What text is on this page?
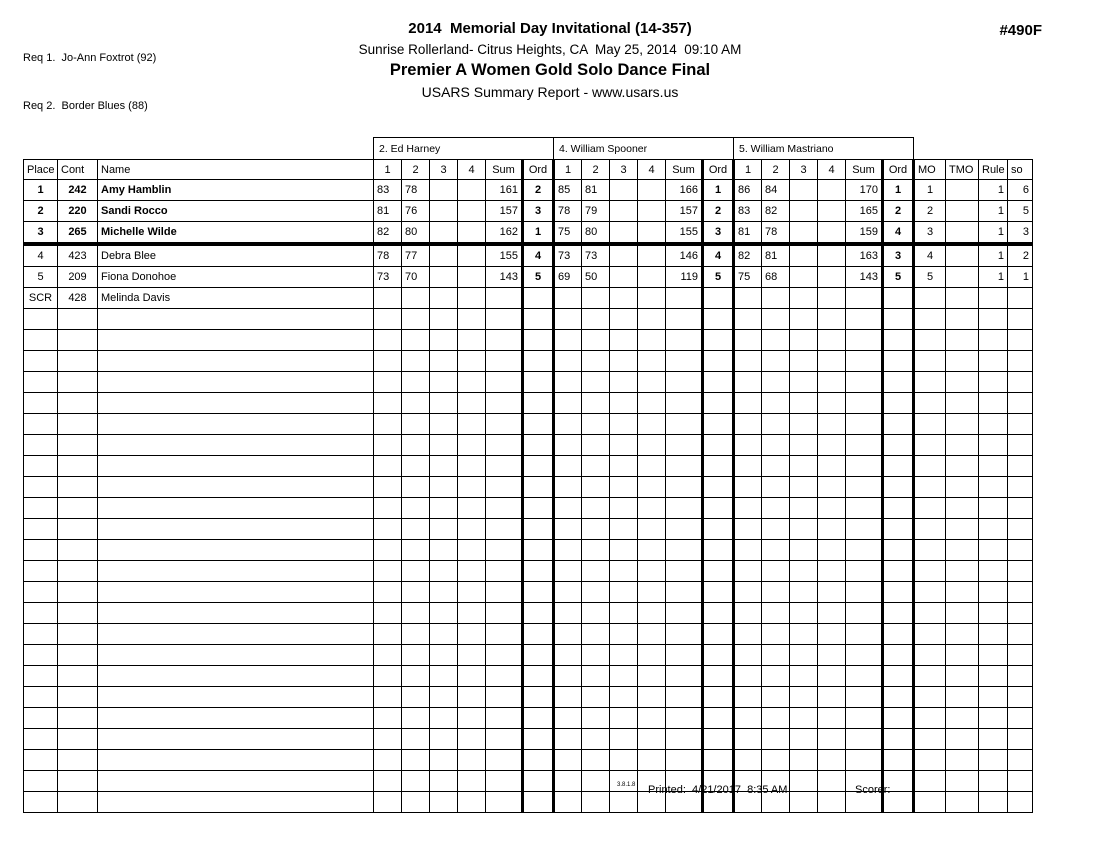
Req 1.  Jo-Ann Foxtrot (92)

Req 2.  Border Blues (88)

#490F
2014  Memorial Day Invitational (14-357)
Sunrise Rollerland- Citrus Heights, CA  May 25, 2014  09:10 AM
Premier A Women Gold Solo Dance Final
USARS Summary Report - www.usars.us
			2. Ed Harney						4. William Spooner						5. William Mastriano									
Place	Cont	Name	1	2	3	4	Sum	Ord	1	2	3	4	Sum	Ord	1	2	3	4	Sum	Ord	MO	TMO	Rule	so
1	242	Amy Hamblin	83	78			161	2	85	81			166	1	86	84			170	1	1		1	6
2	220	Sandi Rocco	81	76			157	3	78	79			157	2	83	82			165	2	2		1	5
3	265	Michelle Wilde	82	80			162	1	75	80			155	3	81	78			159	4	3		1	3
4	423	Debra Blee	78	77			155	4	73	73			146	4	82	81			163	3	4		1	2
5	209	Fiona Donohoe	73	70			143	5	69	50			119	5	75	68			143	5	5		1	1
SCR	428	Melinda Davis																						

3.8.1.8 Printed:  4/21/2017  8:35 AM	Scorer:
